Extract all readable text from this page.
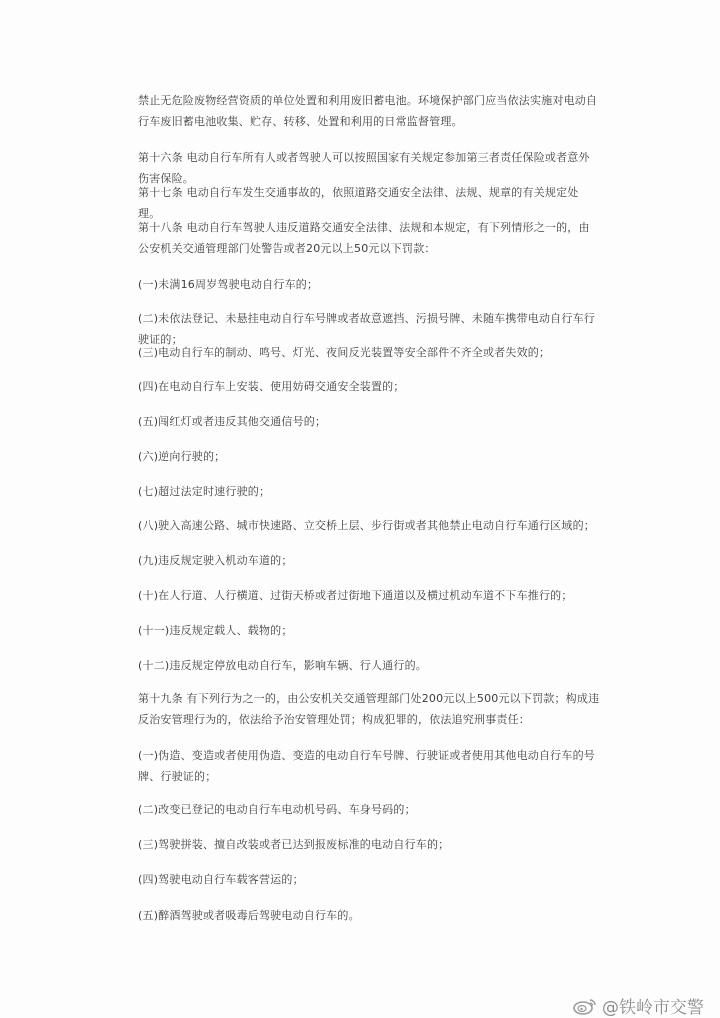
禁止无危险废物经营资质的单位处置和利用废旧蓄电池。环境保护部门应当依法实施对电动自行车废旧蓄电池收集、贮存、转移、处置和利用的日常监督管理。
第十六条 电动自行车所有人或者驾驶人可以按照国家有关规定参加第三者责任保险或者意外伤害保险。
第十七条 电动自行车发生交通事故的，依照道路交通安全法律、法规、规章的有关规定处理。
第十八条 电动自行车驾驶人违反道路交通安全法律、法规和本规定，有下列情形之一的，由公安机关交通管理部门处警告或者20元以上50元以下罚款：
(一)未满16周岁驾驶电动自行车的；
(二)未依法登记、未悬挂电动自行车号牌或者故意遮挡、污损号牌、未随车携带电动自行车行驶证的；
(三)电动自行车的制动、鸣号、灯光、夜间反光装置等安全部件不齐全或者失效的；
(四)在电动自行车上安装、使用妨碍交通安全装置的；
(五)闯红灯或者违反其他交通信号的；
(六)逆向行驶的；
(七)超过法定时速行驶的；
(八)驶入高速公路、城市快速路、立交桥上层、步行街或者其他禁止电动自行车通行区域的；
(九)违反规定驶入机动车道的；
(十)在人行道、人行横道、过街天桥或者过街地下通道以及横过机动车道不下车推行的；
(十一)违反规定载人、载物的；
(十二)违反规定停放电动自行车，影响车辆、行人通行的。
第十九条 有下列行为之一的，由公安机关交通管理部门处200元以上500元以下罚款；构成违反治安管理行为的，依法给予治安管理处罚；构成犯罪的，依法追究刑事责任：
(一)伪造、变造或者使用伪造、变造的电动自行车号牌、行驶证或者使用其他电动自行车的号牌、行驶证的；
(二)改变已登记的电动自行车电动机号码、车身号码的；
(三)驾驶拼装、擅自改装或者已达到报废标准的电动自行车的；
(四)驾驶电动自行车载客营运的；
(五)醉酒驾驶或者吸毒后驾驶电动自行车的。
@铁岭市交警
